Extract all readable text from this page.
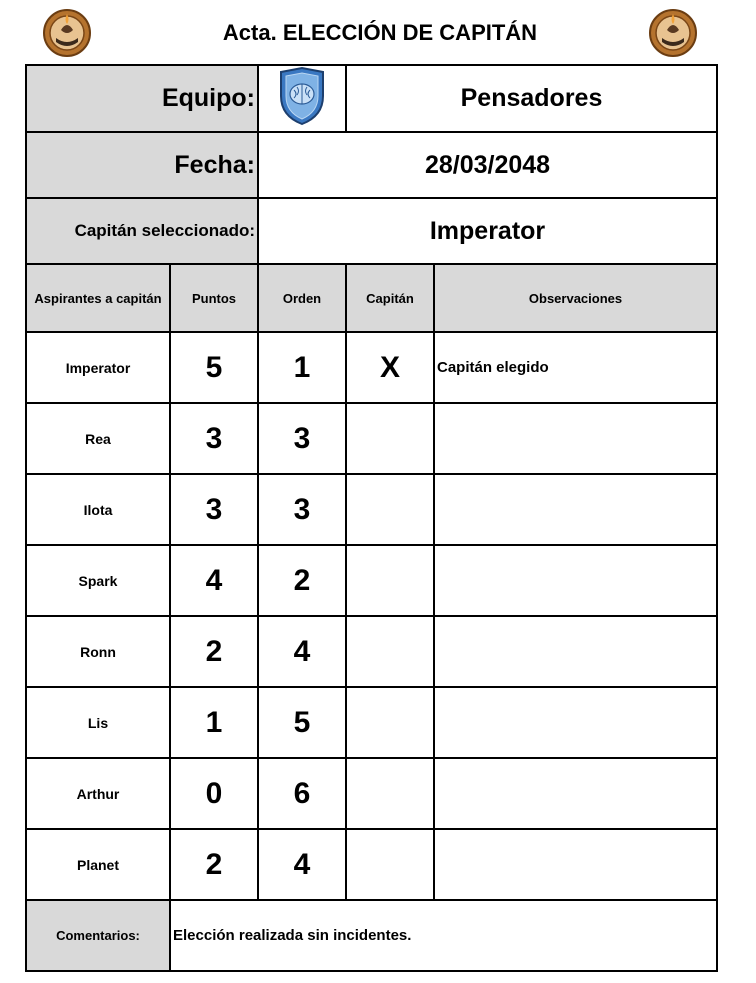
Acta. ELECCIÓN DE CAPITÁN
Equipo:			Pensadores	
Fecha:		28/03/2048		
Capitán seleccionado:		Imperator		
Aspirantes a capitán	Puntos	Orden	Capitán	Observaciones
Imperator	5	1	X	Capitán elegido
Rea	3	3		
Ilota	3	3		
Spark	4	2		
Ronn	2	4		
Lis	1	5		
Arthur	0	6		
Planet	2	4		
Comentarios:	Elección realizada sin incidentes.			
